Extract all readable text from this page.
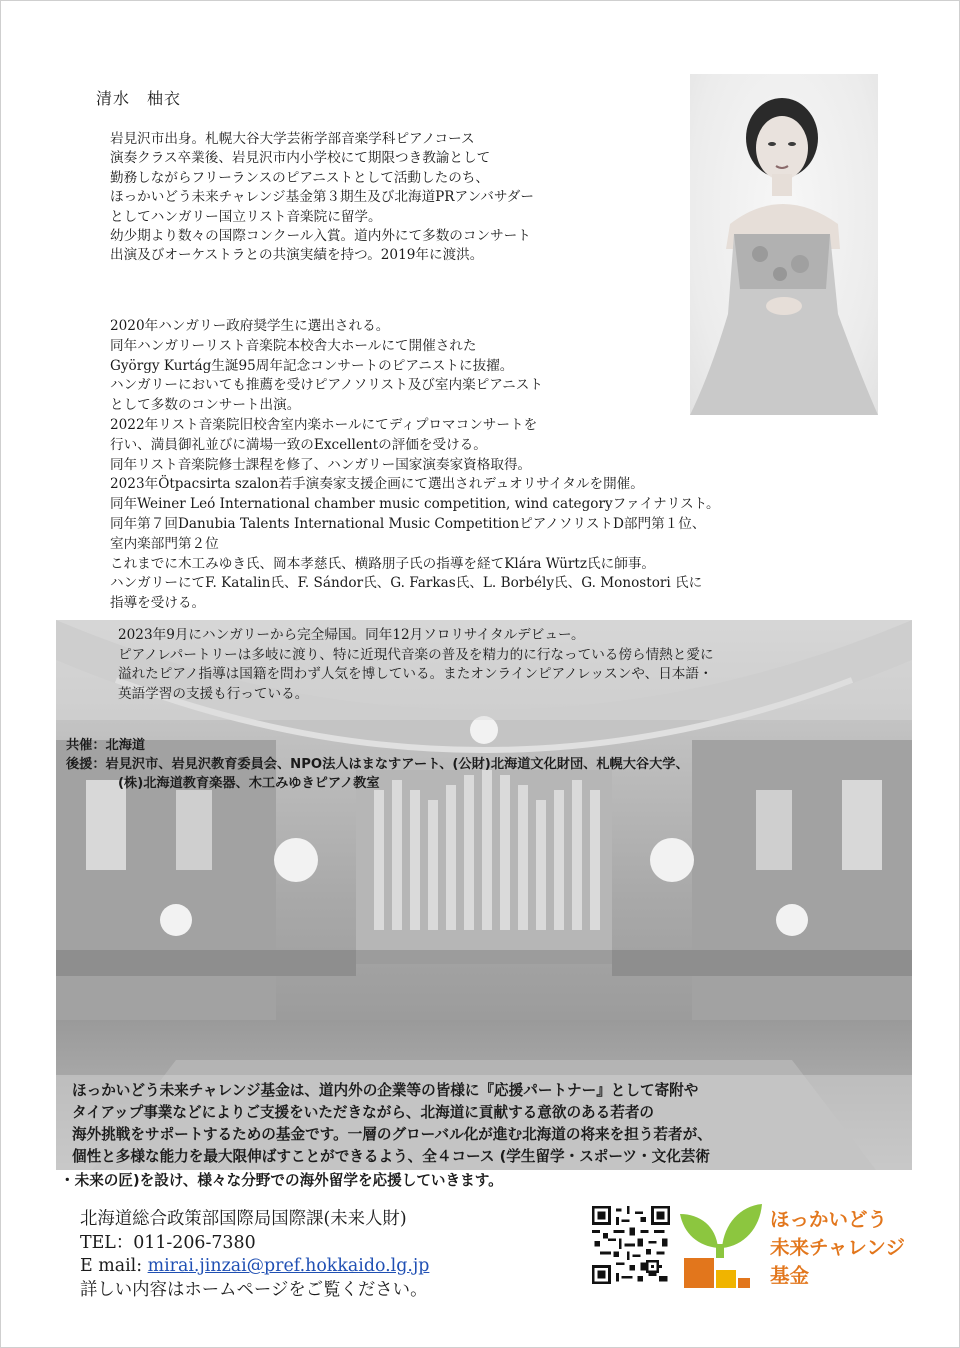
清水　柚衣

岩見沢市出身。札幌大谷大学芸術学部音楽学科ピアノコース

演奏クラス卒業後、岩見沢市内小学校にて期限つき教諭として

勤務しながらフリーランスのピアニストとして活動したのち、

ほっかいどう未来チャレンジ基金第３期生及び北海道PRアンバサダー

としてハンガリー国立リスト音楽院に留学。

幼少期より数々の国際コンクール入賞。道内外にて多数のコンサート

出演及びオーケストラとの共演実績を持つ。2019年に渡洪。

2020年ハンガリー政府奨学生に選出される。

同年ハンガリーリスト音楽院本校舎大ホールにて開催された

György Kurtág生誕95周年記念コンサートのピアニストに抜擢。

ハンガリーにおいても推薦を受けピアノソリスト及び室内楽ピアニスト

として多数のコンサート出演。

2022年リスト音楽院旧校舎室内楽ホールにてディプロマコンサートを

行い、満員御礼並びに満場一致のExcellentの評価を受ける。

同年リスト音楽院修士課程を修了、ハンガリー国家演奏家資格取得。

2023年Ötpacsirta szalon若手演奏家支援企画にて選出されデュオリサイタルを開催。

同年Weiner Leó International chamber music competition, wind categoryファイナリスト。

同年第７回Danubia Talents International Music CompetitionピアノソリストD部門第１位、

室内楽部門第２位

これまでに木工みゆき氏、岡本孝慈氏、横路朋子氏の指導を経てKlára Würtz氏に師事。

ハンガリーにてF. Katalin氏、F. Sándor氏、G. Farkas氏、L. Borbély氏、G. Monostori 氏に

指導を受ける。

2023年9月にハンガリーから完全帰国。同年12月ソロリサイタルデビュー。

ピアノレパートリーは多岐に渡り、特に近現代音楽の普及を精力的に行なっている傍ら情熱と愛に

溢れたピアノ指導は国籍を問わず人気を博している。またオンラインピアノレッスンや、日本語・

英語学習の支援も行っている。

共催：北海道

後援：岩見沢市、岩見沢教育委員会、NPO法人はまなすアート、(公財)北海道文化財団、札幌大谷大学、

(株)北海道教育楽器、木工みゆきピアノ教室

ほっかいどう未来チャレンジ基金は、道内外の企業等の皆様に『応援パートナー』として寄附や

タイアップ事業などによりご支援をいただきながら、北海道に貢献する意欲のある若者の

海外挑戦をサポートするための基金です。一層のグローバル化が進む北海道の将来を担う若者が、

個性と多様な能力を最大限伸ばすことができるよう、全４コース (学生留学・スポーツ・文化芸術

・未来の匠)を設け、様々な分野での海外留学を応援していきます。

北海道総合政策部国際局国際課(未来人財)

TEL：011-206-7380

E mail: mirai.jinzai@pref.hokkaido.lg.jp

詳しい内容はホームページをご覧ください。

ほっかいどう

未来チャレンジ

基金
